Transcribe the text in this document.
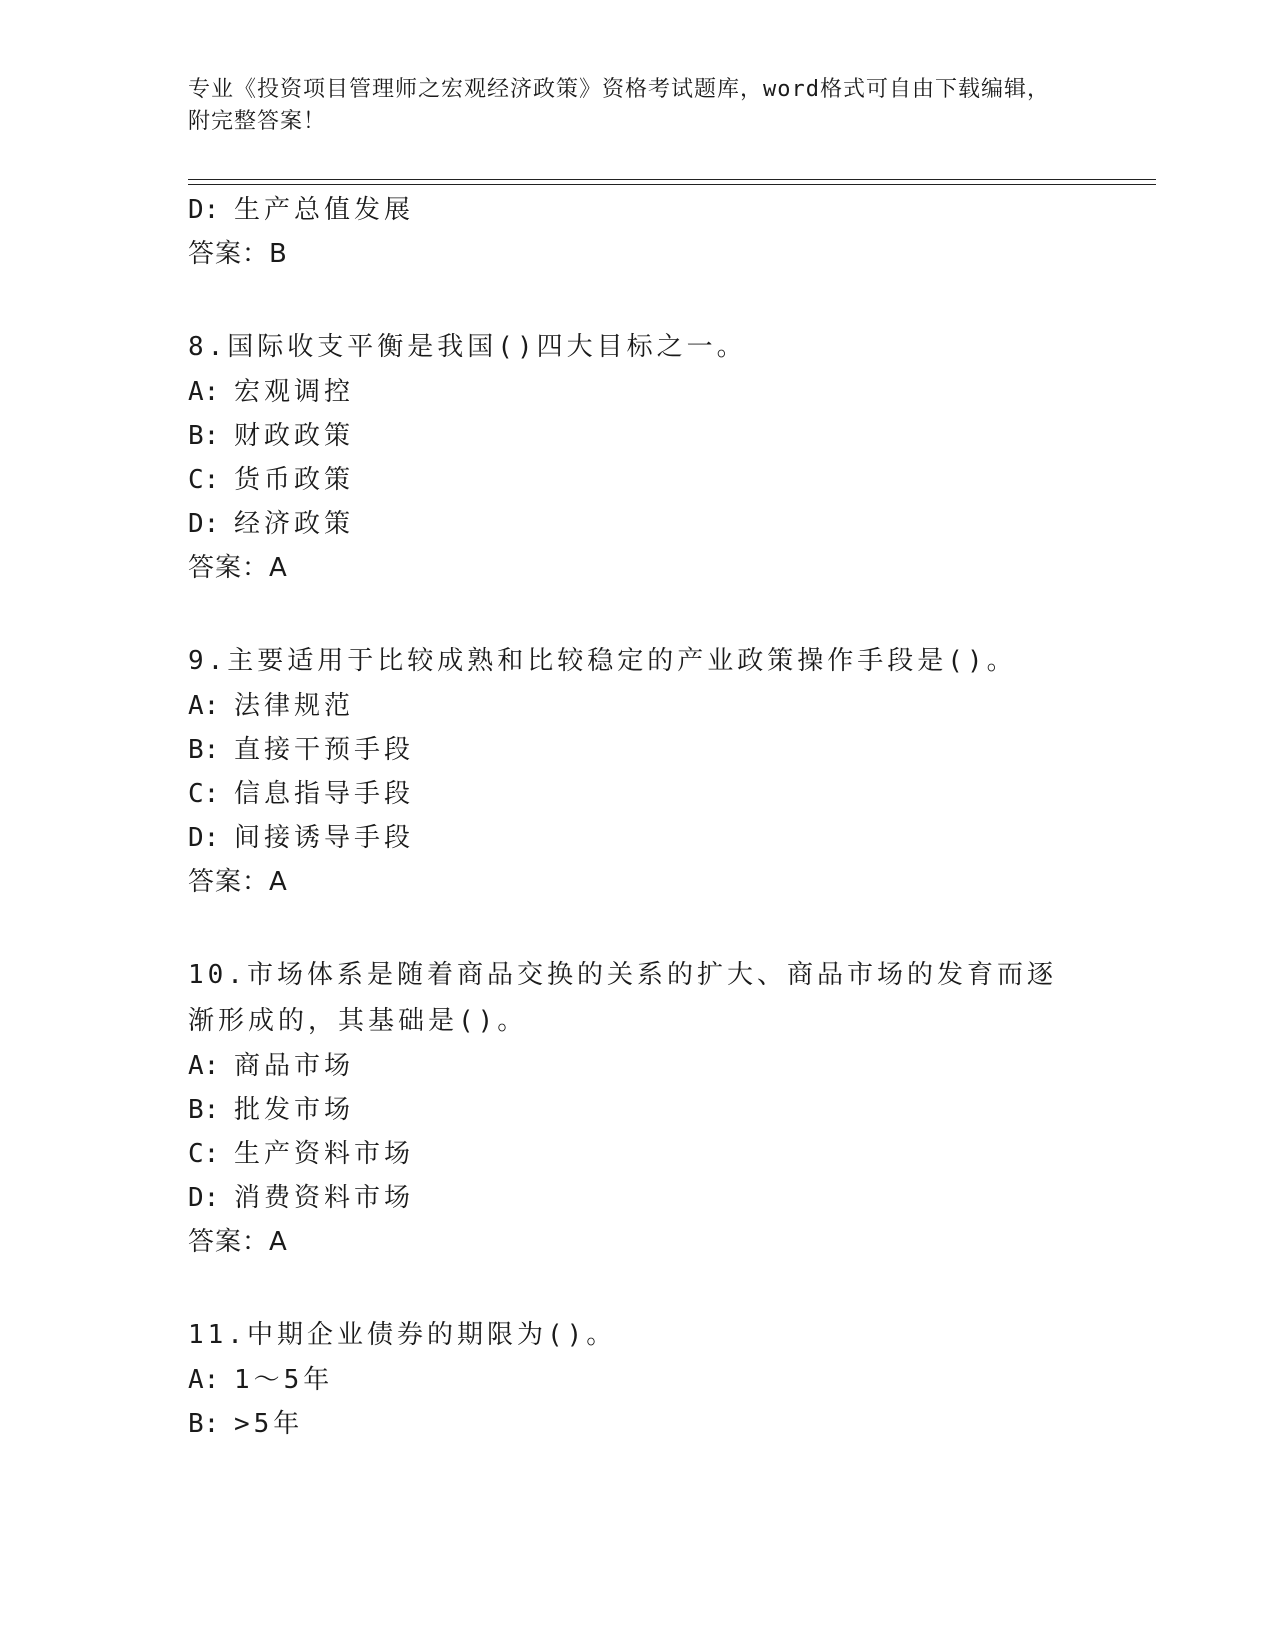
专业《投资项目管理师之宏观经济政策》资格考试题库，word格式可自由下载编辑，附完整答案！
D: 生产总值发展
答案：B
8.国际收支平衡是我国()四大目标之一。
A: 宏观调控
B: 财政政策
C: 货币政策
D: 经济政策
答案：A
9.主要适用于比较成熟和比较稳定的产业政策操作手段是()。
A: 法律规范
B: 直接干预手段
C: 信息指导手段
D: 间接诱导手段
答案：A
10.市场体系是随着商品交换的关系的扩大、商品市场的发育而逐渐形成的，其基础是()。
A: 商品市场
B: 批发市场
C: 生产资料市场
D: 消费资料市场
答案：A
11.中期企业债券的期限为()。
A: 1～5年
B: >5年
